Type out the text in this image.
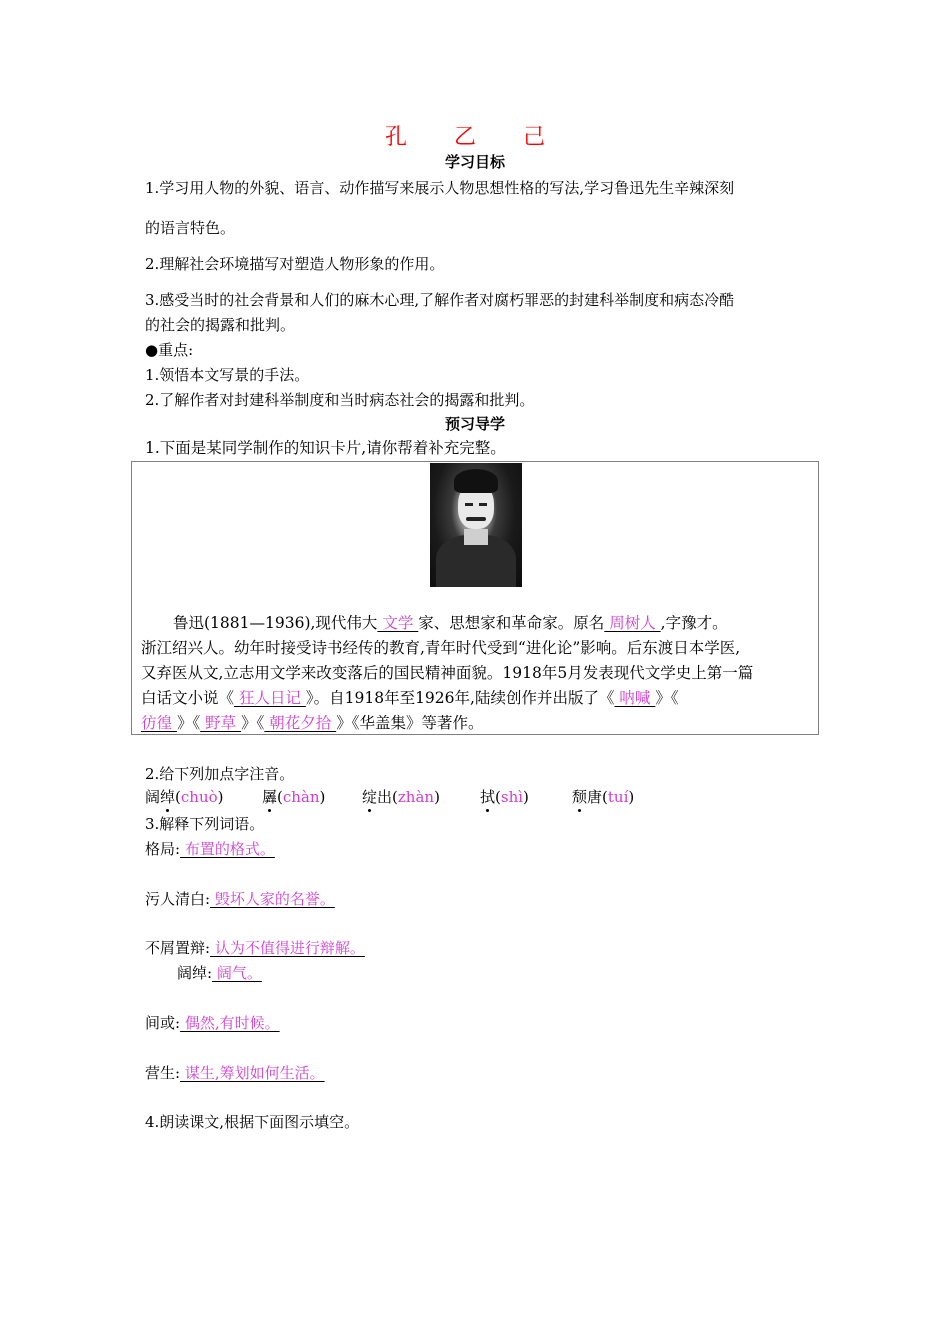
孔 乙 己
学习目标
1.学习用人物的外貌、语言、动作描写来展示人物思想性格的写法,学习鲁迅先生辛辣深刻
的语言特色。
2.理解社会环境描写对塑造人物形象的作用。
3.感受当时的社会背景和人们的麻木心理,了解作者对腐朽罪恶的封建科举制度和病态冷酷
的社会的揭露和批判。
●重点:
1.领悟本文写景的手法。
2.了解作者对封建科举制度和当时病态社会的揭露和批判。
预习导学
1.下面是某同学制作的知识卡片,请你帮着补充完整。
鲁迅(1881—1936),现代伟大 文学 家、思想家和革命家。原名 周树人 ,字豫才。
浙江绍兴人。幼年时接受诗书经传的教育,青年时代受到“进化论”影响。后东渡日本学医,
又弃医从文,立志用文学来改变落后的国民精神面貌。1918年5月发表现代文学史上第一篇
白话文小说《 狂人日记 》。自1918年至1926年,陆续创作并出版了《 呐喊 》《
彷徨 》《 野草 》《 朝花夕拾 》《华盖集》等著作。
2.给下列加点字注音。
阔绰(chuò)	羼(chàn) 绽出(zhàn)	拭(shì)	颓唐(tuí)
3.解释下列词语。
格局: 布置的格式。
污人清白: 毁坏人家的名誉。
不屑置辩: 认为不值得进行辩解。
阔绰: 阔气。
间或: 偶然,有时候。
营生: 谋生,筹划如何生活。
4.朗读课文,根据下面图示填空。
